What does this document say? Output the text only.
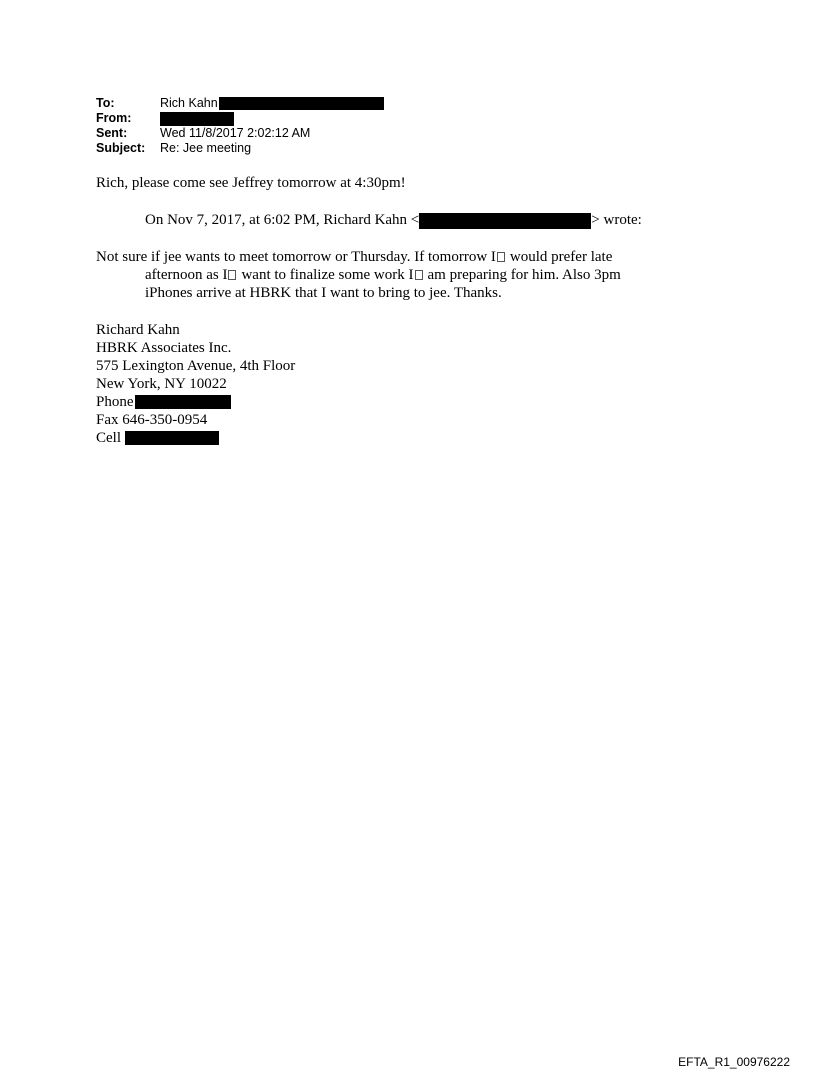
To:	Rich Kahn
From:
Sent:	Wed 11/8/2017 2:02:12 AM
Subject:	Re: Jee meeting
Rich, please come see Jeffrey tomorrow at 4:30pm!
On Nov 7, 2017, at 6:02 PM, Richard Kahn <	> wrote:

Not sure if jee wants to meet tomorrow or Thursday. If tomorrow I would prefer late afternoon as I want to finalize some work I am preparing for him. Also 3pm iPhones arrive at HBRK that I want to bring to jee. Thanks.

Richard Kahn
HBRK Associates Inc.
575 Lexington Avenue, 4th Floor
New York, NY 10022
Phone
Fax 646-350-0954
Cell
EFTA_R1_00976222
